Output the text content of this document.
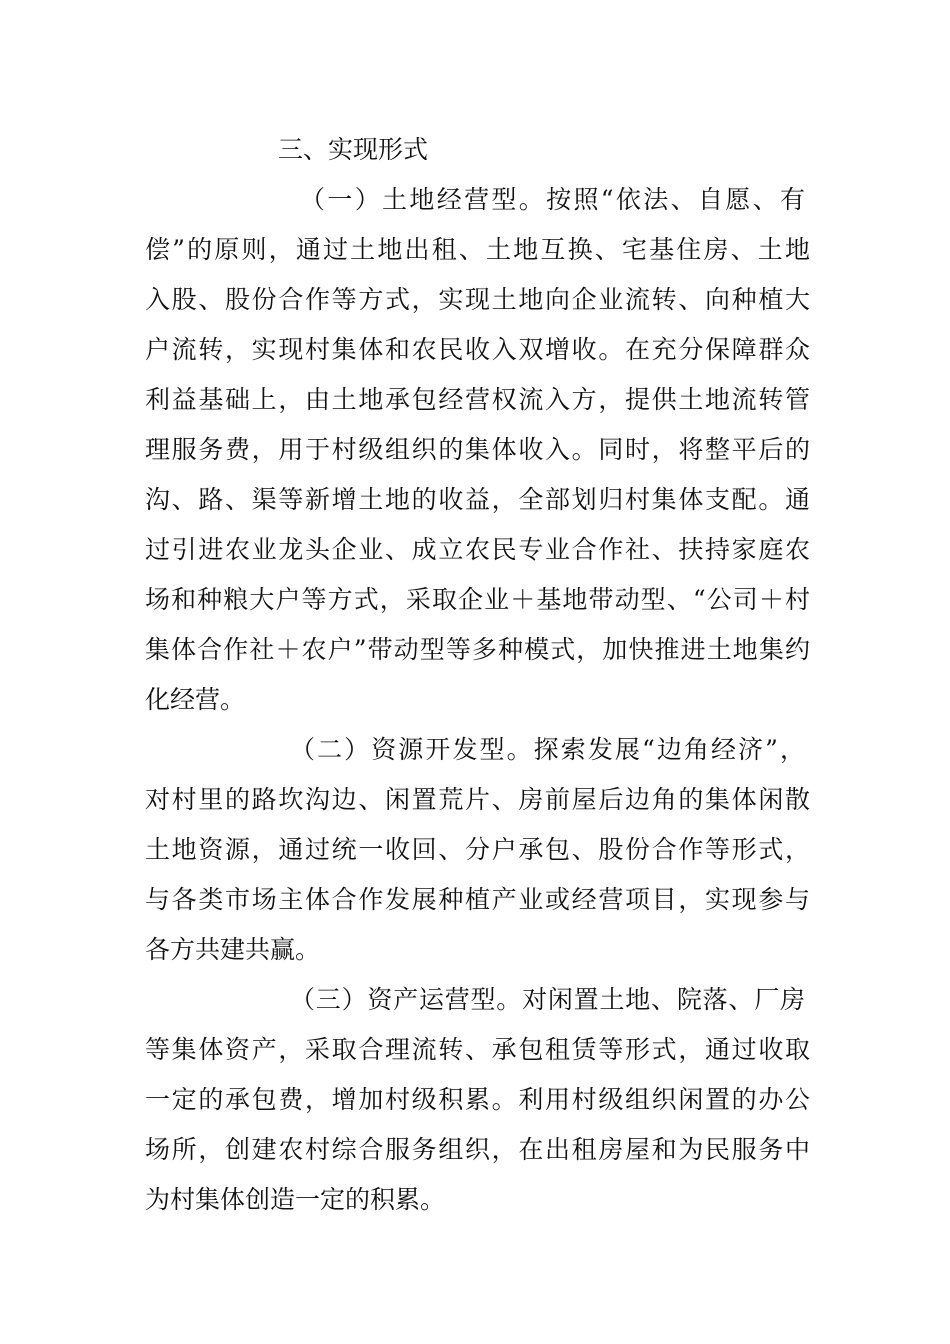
三、实现形式

（一）土地经营型。按照“依法、自愿、有

偿”的原则，通过土地出租、土地互换、宅基住房、土地

入股、股份合作等方式，实现土地向企业流转、向种植大

户流转，实现村集体和农民收入双增收。在充分保障群众

利益基础上，由土地承包经营权流入方，提供土地流转管

理服务费，用于村级组织的集体收入。同时，将整平后的

沟、路、渠等新增土地的收益，全部划归村集体支配。通

过引进农业龙头企业、成立农民专业合作社、扶持家庭农

场和种粮大户等方式，采取企业＋基地带动型、“公司＋村

集体合作社＋农户”带动型等多种模式，加快推进土地集约

化经营。

（二）资源开发型。探索发展“边角经济”，

对村里的路坎沟边、闲置荒片、房前屋后边角的集体闲散

土地资源，通过统一收回、分户承包、股份合作等形式，

与各类市场主体合作发展种植产业或经营项目，实现参与

各方共建共赢。

（三）资产运营型。对闲置土地、院落、厂房

等集体资产，采取合理流转、承包租赁等形式，通过收取

一定的承包费，增加村级积累。利用村级组织闲置的办公

场所，创建农村综合服务组织，在出租房屋和为民服务中

为村集体创造一定的积累。
